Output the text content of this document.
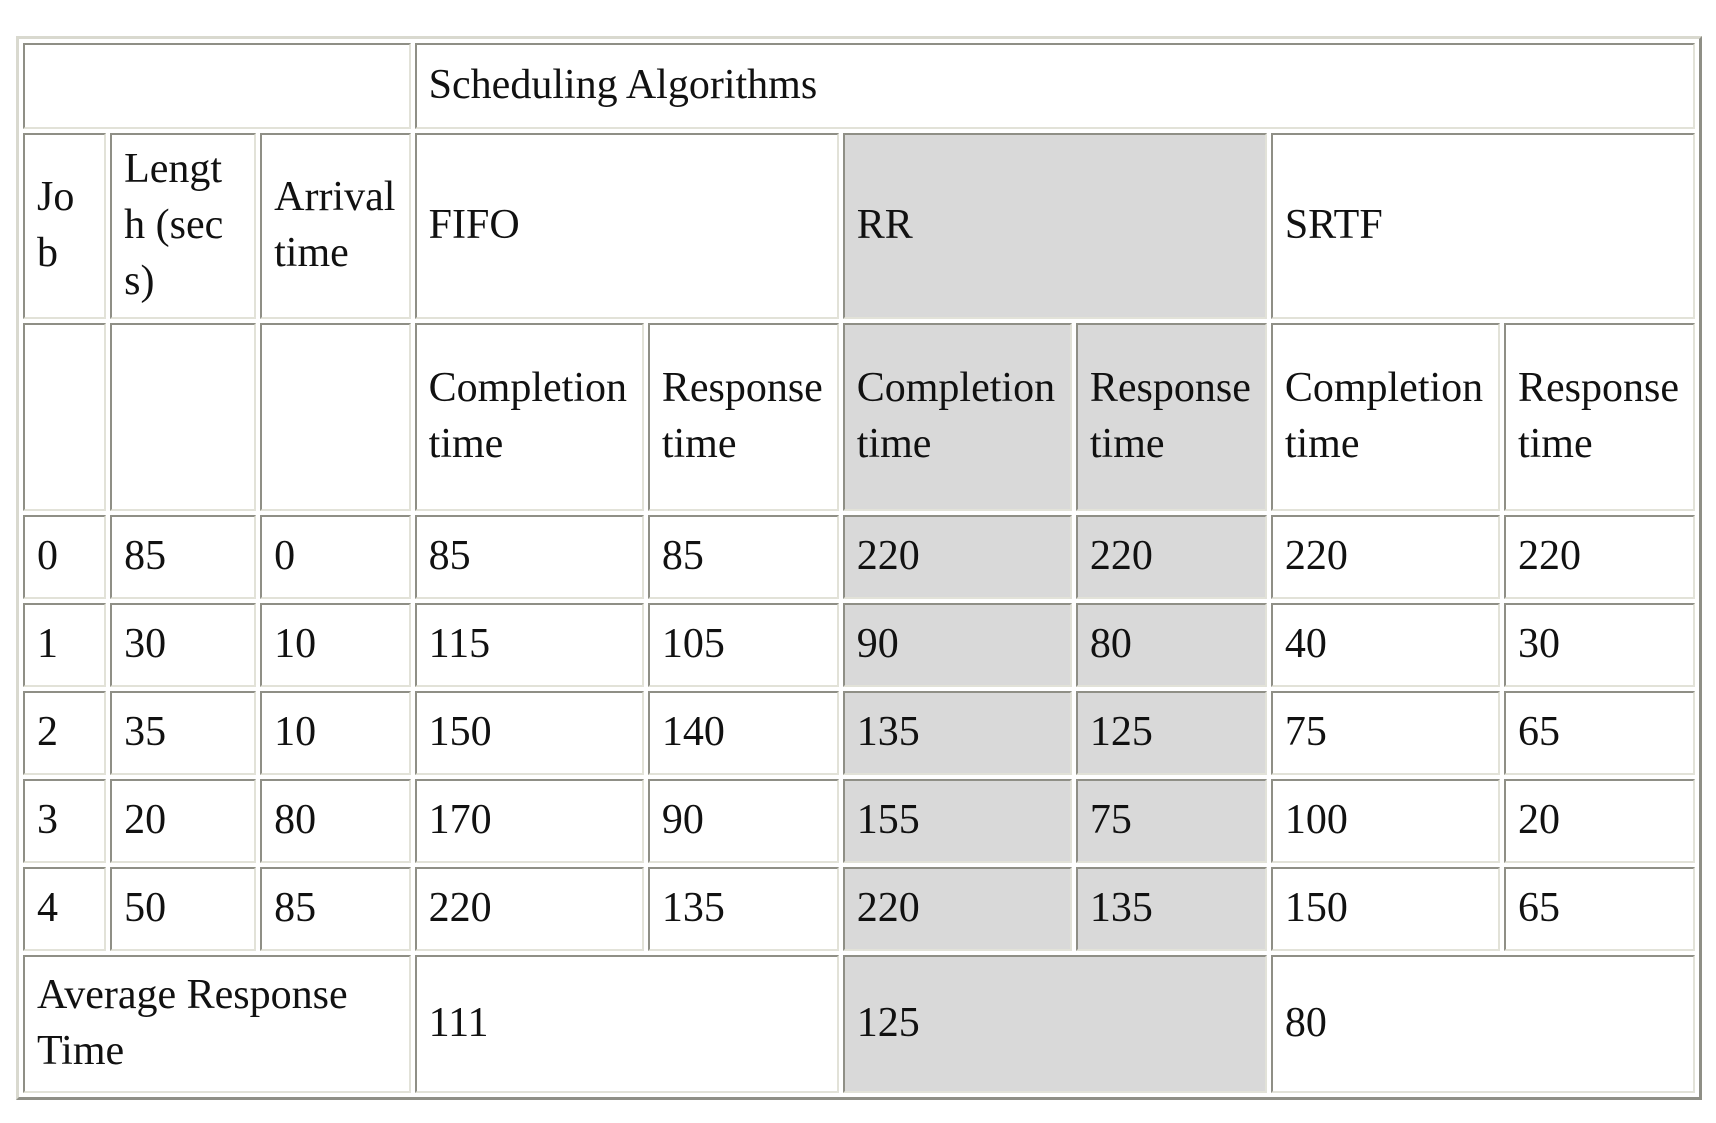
			Scheduling Algorithms					
Job	Length (secs)	Arrival time	FIFO		RR		SRTF	
			Completion time	Response time	Completion time	Response time	Completion time	Response time
0	85	0	85	85	220	220	220	220
1	30	10	115	105	90	80	40	30
2	35	10	150	140	135	125	75	65
3	20	80	170	90	155	75	100	20
4	50	85	220	135	220	135	150	65
Average Response Time			111		125		80	
